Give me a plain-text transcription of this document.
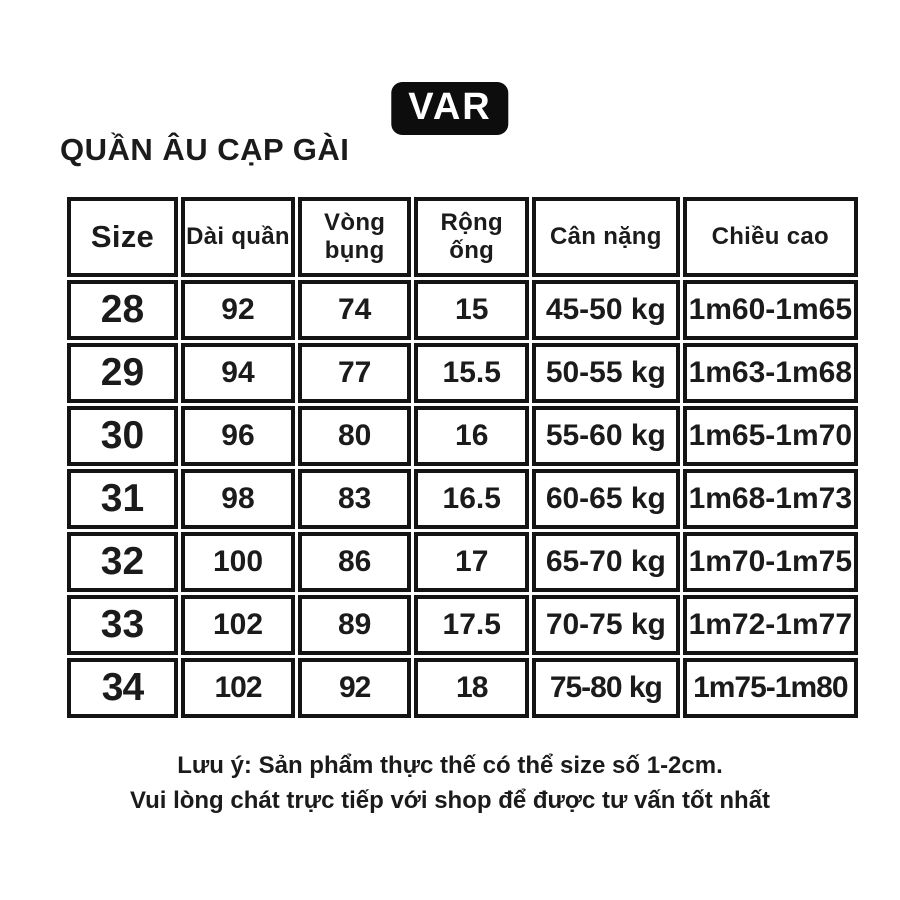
VAR
QUẦN ÂU CẠP GÀI
Size	Dài quần	Vòng bụng	Rộng ống	Cân nặng	Chiều cao
28	92	74	15	45-50 kg	1m60-1m65
29	94	77	15.5	50-55 kg	1m63-1m68
30	96	80	16	55-60 kg	1m65-1m70
31	98	83	16.5	60-65 kg	1m68-1m73
32	100	86	17	65-70 kg	1m70-1m75
33	102	89	17.5	70-75 kg	1m72-1m77
34	102	92	18	75-80 kg	1m75-1m80

Lưu ý: Sản phẩm thực thế có thể size số 1-2cm.

Vui lòng chát trực tiếp với shop để được tư vấn tốt nhất
